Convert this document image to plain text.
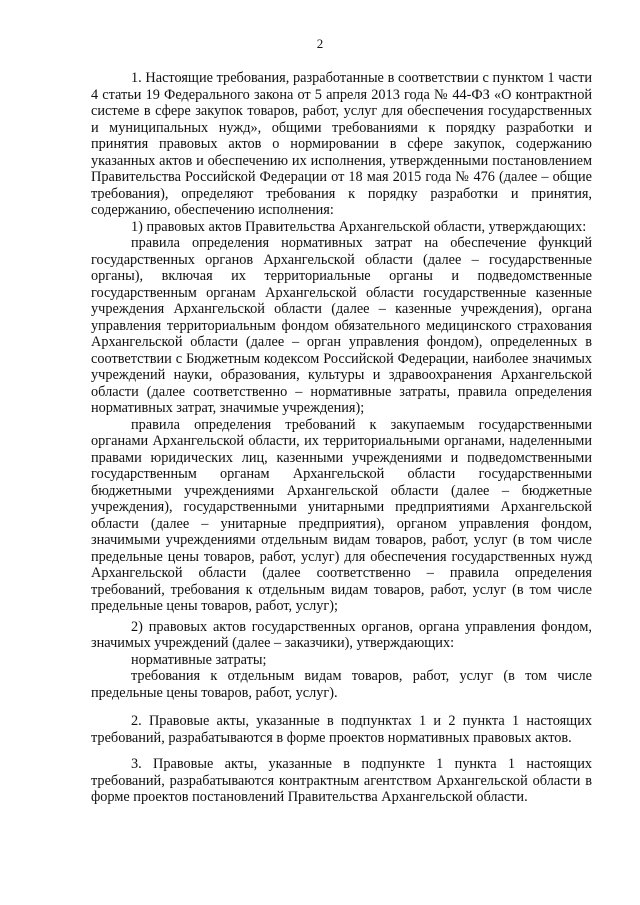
2

1. Настоящие требования, разработанные в соответствии с пунктом 1 части 4 статьи 19 Федерального закона от 5 апреля 2013 года № 44-ФЗ «О контрактной системе в сфере закупок товаров, работ, услуг для обеспечения государственных и муниципальных нужд», общими требованиями к порядку разработки и принятия правовых актов о нормировании в сфере закупок, содержанию указанных актов и обеспечению их исполнения, утвержденными постановлением Правительства Российской Федерации от 18 мая 2015 года № 476 (далее – общие требования), определяют требования к порядку разработки и принятия, содержанию, обеспечению исполнения:

1) правовых актов Правительства Архангельской области, утверждающих:

правила определения нормативных затрат на обеспечение функций государственных органов Архангельской области (далее – государственные органы), включая их территориальные органы и подведомственные государственным органам Архангельской области государственные казенные учреждения Архангельской области (далее – казенные учреждения), органа управления территориальным фондом обязательного медицинского страхования Архангельской области (далее – орган управления фондом), определенных в соответствии с Бюджетным кодексом Российской Федерации, наиболее значимых учреждений науки, образования, культуры и здравоохранения Архангельской области (далее соответственно – нормативные затраты, правила определения нормативных затрат, значимые учреждения);

правила определения требований к закупаемым государственными органами Архангельской области, их территориальными органами, наделенными правами юридических лиц, казенными учреждениями и подведомственными государственным органам Архангельской области государственными бюджетными учреждениями Архангельской области (далее – бюджетные учреждения), государственными унитарными предприятиями Архангельской области (далее – унитарные предприятия), органом управления фондом, значимыми учреждениями отдельным видам товаров, работ, услуг (в том числе предельные цены товаров, работ, услуг) для обеспечения государственных нужд Архангельской области (далее соответственно – правила определения требований, требования к отдельным видам товаров, работ, услуг (в том числе предельные цены товаров, работ, услуг);

2) правовых актов государственных органов, органа управления фондом, значимых учреждений (далее – заказчики), утверждающих:

нормативные затраты;

требования к отдельным видам товаров, работ, услуг (в том числе предельные цены товаров, работ, услуг).

2. Правовые акты, указанные в подпунктах 1 и 2 пункта 1 настоящих требований, разрабатываются в форме проектов нормативных правовых актов.

3. Правовые акты, указанные в подпункте 1 пункта 1 настоящих требований, разрабатываются контрактным агентством Архангельской области в форме проектов постановлений Правительства Архангельской области.
